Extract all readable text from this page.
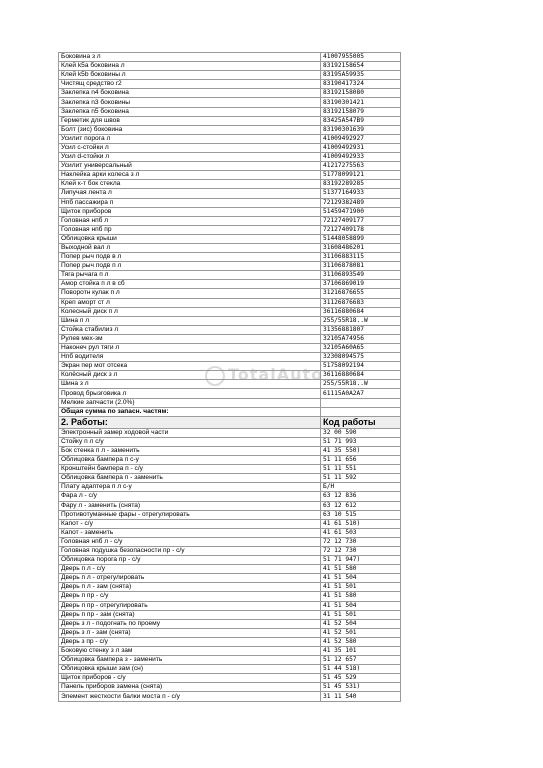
Боковина з л	41007955005
Клей k5a боковина л	83192158654
Клей k5b боковины л	83195A59935
Чистящ средство r2	83190417324
Заклепка n4 боковина	83192158080
Заклепка n3 боковины	83190301421
Заклепка n5 боковина	83192158079
Герметик для швов	83425A547B9
Болт (зис) боковина	83190301639
Усилит порога л	41009492927
Усил с-стойки л	41009492931
Усил d-стойки л	41009492933
Усилит универсальный	41217275563
Наклейка арки колеса з л	51778099121
Клей к-т бок стекла	83192289285
Липучая лента л	51377164933
Нпб пассажира п	72129382489
Щиток приборов	51459471900
Головная нпб л	72127409177
Головная нпб пр	72127409178
Облицовка крыши	51448058899
Выходной вал л	31608486201
Попер рыч подв в л	31106883115
Попер рыч подв п л	31106878081
Тяга рычага п л	31106893549
Амор стойка п л в сб	37106869019
Поворотн кулак п л	31216876655
Креп аморт ст л	31126876683
Колесный диск п л	36116880684
Шина п л	255/55R18..W
Стойка стабилиз л	31356881807
Рулев мех-зм	32105A74956
Наконеч рул тяги л	32105A60A65
Нпб водителя	32308094575
Экран пер мот отсека	51758092194
Колёсный диск з л	36116880684
Шина з л	255/55R18..W
Провод брызговика л	61115A0A2A7
Мелкие запчасти (2.0%)	
Общая сумма по запасн. частям:	
2. Работы:	Код работы
Электронный замер ходовой части	32 00 590
Стойку п л с/у	51 71 993
Бок стенка п л - заменить	41 35 550)
Облицовка бампера п с-у	51 11 656
Кронштейн бампера п - с/у	51 11 551
Облицовка бампера п - заменить	51 11 592
Плату адаптера п л с-у	Б/Н
Фара л - с/у	63 12 836
Фару л - заменить (снята)	63 12 612
Противотуманные фары - отрегулировать	63 10 515
Капот - с/у	41 61 510)
Капот - заменить	41 61 503
Головная нпб л - с/у	72 12 730
Головная подушка безопасности пр - с/у	72 12 730
Облицовка порога пр - с/у	51 71 947)
Дверь п л - с/у	41 51 580
Дверь п л - отрегулировать	41 51 504
Дверь п л - зам (снята)	41 51 501
Дверь п пр - с/у	41 51 580
Дверь п пр - отрегулировать	41 51 504
Дверь п пр - зам (снята)	41 51 501
Дверь з л - подогнать по проему	41 52 504
Дверь з л - зам (снята)	41 52 501
Дверь з пр - с/у	41 52 580
Боковую стенку з л зам	41 35 101
Облицовка бампера з - заменить	51 12 657
Облицовка крыши зам (сн)	51 44 518)
Щиток приборов - с/у	51 45 529
Панель приборов замена (снята)	51 45 531)
Элемент жесткости балки моста п - с/у	31 11 540
TotalAuto
